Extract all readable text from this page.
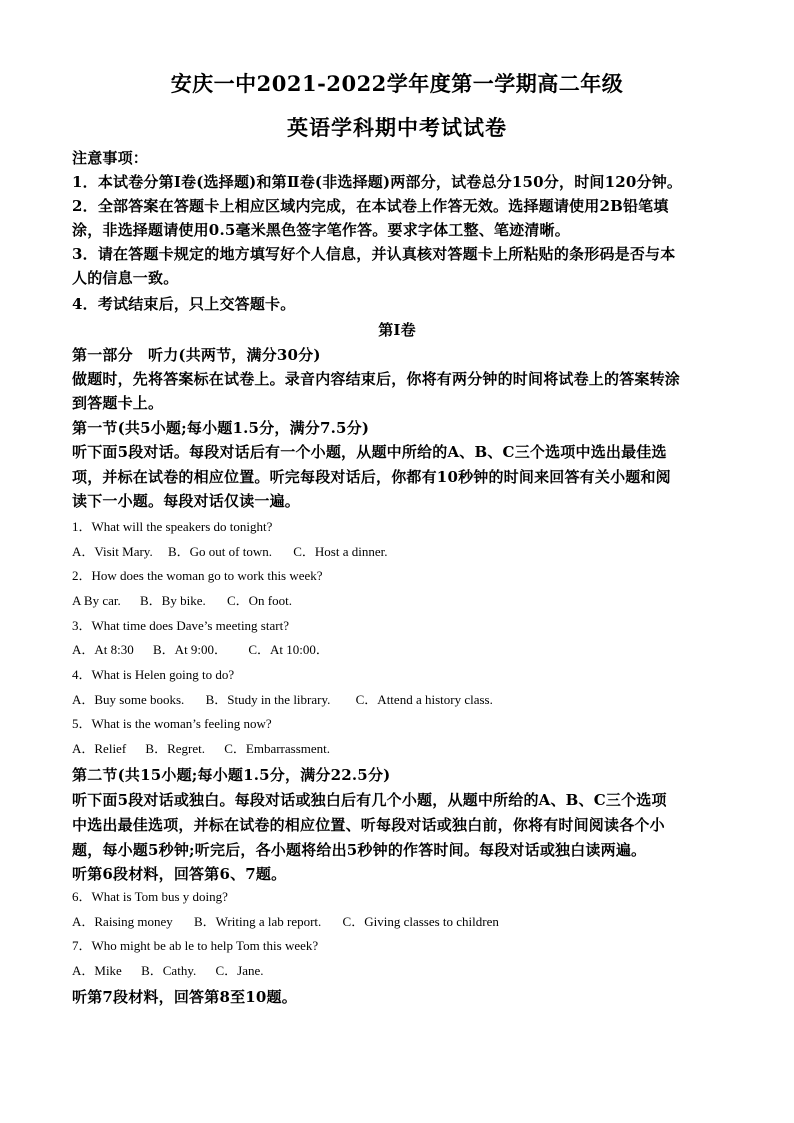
安庆一中2021-2022学年度第一学期高二年级
英语学科期中考试试卷
注意事项：
1．本试卷分第Ⅰ卷(选择题)和第Ⅱ卷(非选择题)两部分，试卷总分150分，时间120分钟。
2．全部答案在答题卡上相应区域内完成，在本试卷上作答无效。选择题请使用2B铅笔填
涂，非选择题请使用0.5毫米黑色签字笔作答。要求字体工整、笔迹清晰。
3．请在答题卡规定的地方填写好个人信息，并认真核对答题卡上所粘贴的条形码是否与本
人的信息一致。
4．考试结束后，只上交答题卡。
第Ⅰ卷
第一部分　听力(共两节，满分30分)
做题时，先将答案标在试卷上。录音内容结束后，你将有两分钟的时间将试卷上的答案转涂
到答题卡上。
第一节(共5小题;每小题1.5分，满分7.5分)
听下面5段对话。每段对话后有一个小题，从题中所给的A、B、C三个选项中选出最佳选
项，并标在试卷的相应位置。听完每段对话后，你都有10秒钟的时间来回答有关小题和阅
读下一小题。每段对话仅读一遍。
1．What will the speakers do tonight?
A．Visit Mary. B．Go out of town. C．Host a dinner.
2．How does the woman go to work this week?
A By car. B．By bike. C．On foot.
3．What time does Dave’s meeting start?
A．At 8:30 B．At 9:00． C．At 10:00．
4．What is Helen going to do?
A．Buy some books. B．Study in the library. C．Attend a history class.
5．What is the woman’s feeling now?
A．Relief B．Regret. C．Embarrassment.
第二节(共15小题;每小题1.5分，满分22.5分)
听下面5段对话或独白。每段对话或独白后有几个小题，从题中所给的A、B、C三个选项
中选出最佳选项，并标在试卷的相应位置、听每段对话或独白前，你将有时间阅读各个小
题，每小题5秒钟;听完后，各小题将给出5秒钟的作答时间。每段对话或独白读两遍。
听第6段材料，回答第6、7题。
6．What is Tom bus y doing?
A．Raising money B．Writing a lab report. C．Giving classes to children
7．Who might be ab le to help Tom this week?
A．Mike B．Cathy. C．Jane.
听第7段材料，回答第8至10题。
